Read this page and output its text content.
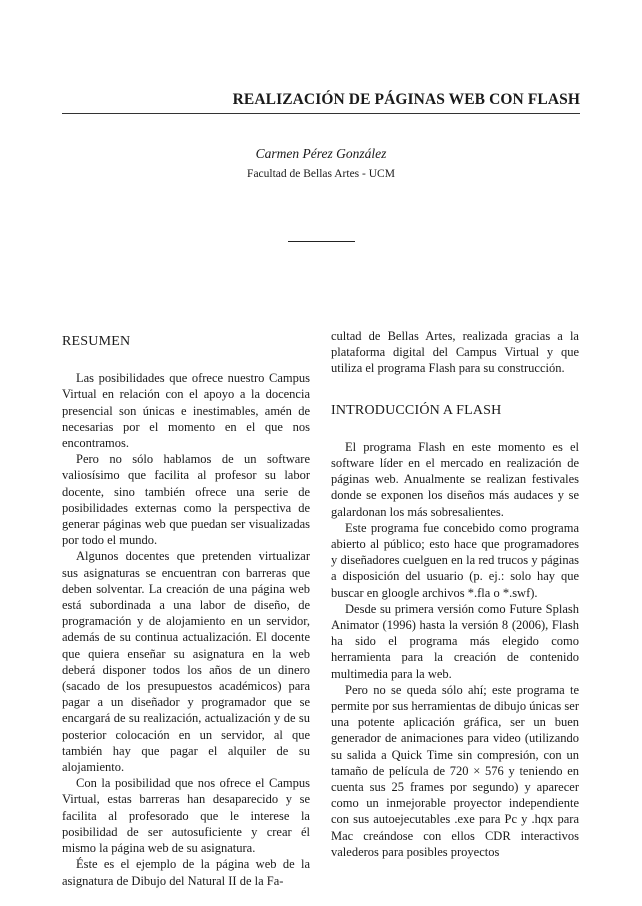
REALIZACIÓN DE PÁGINAS WEB CON FLASH

Carmen Pérez González

Facultad de Bellas Artes - UCM

RESUMEN

Las posibilidades que ofrece nuestro Campus Virtual en relación con el apoyo a la docencia presencial son únicas e inestimables, amén de necesarias por el momento en el que nos encontramos.

Pero no sólo hablamos de un software valiosísimo que facilita al profesor su labor docente, sino también ofrece una serie de posibilidades externas como la perspectiva de generar páginas web que puedan ser visualizadas por todo el mundo.

Algunos docentes que pretenden virtualizar sus asignaturas se encuentran con barreras que deben solventar. La creación de una página web está subordinada a una labor de diseño, de programación y de alojamiento en un servidor, además de su continua actualización. El docente que quiera enseñar su asignatura en la web deberá disponer todos los años de un dinero (sacado de los presupuestos académicos) para pagar a un diseñador y programador que se encargará de su realización, actualización y de su posterior colocación en un servidor, al que también hay que pagar el alquiler de su alojamiento.

Con la posibilidad que nos ofrece el Campus Virtual, estas barreras han desaparecido y se facilita al profesorado que le interese la posibilidad de ser autosuficiente y crear él mismo la página web de su asignatura.

Éste es el ejemplo de la página web de la asignatura de Dibujo del Natural II de la Fa-

cultad de Bellas Artes, realizada gracias a la plataforma digital del Campus Virtual y que utiliza el programa Flash para su construcción.

INTRODUCCIÓN A FLASH

El programa Flash en este momento es el software líder en el mercado en realización de páginas web. Anualmente se realizan festivales donde se exponen los diseños más audaces y se galardonan los más sobresalientes.

Este programa fue concebido como programa abierto al público; esto hace que programadores y diseñadores cuelguen en la red trucos y páginas a disposición del usuario (p. ej.: solo hay que buscar en gloogle archivos *.fla o *.swf).

Desde su primera versión como Future Splash Animator (1996) hasta la versión 8 (2006), Flash ha sido el programa más elegido como herramienta para la creación de contenido multimedia para la web.

Pero no se queda sólo ahí; este programa te permite por sus herramientas de dibujo únicas ser una potente aplicación gráfica, ser un buen generador de animaciones para video (utilizando su salida a Quick Time sin compresión, con un tamaño de película de 720 × 576 y teniendo en cuenta sus 25 frames por segundo) y aparecer como un inmejorable proyector independiente con sus autoejecutables .exe para Pc y .hqx para Mac creándose con ellos CDR interactivos valederos para posibles proyectos
